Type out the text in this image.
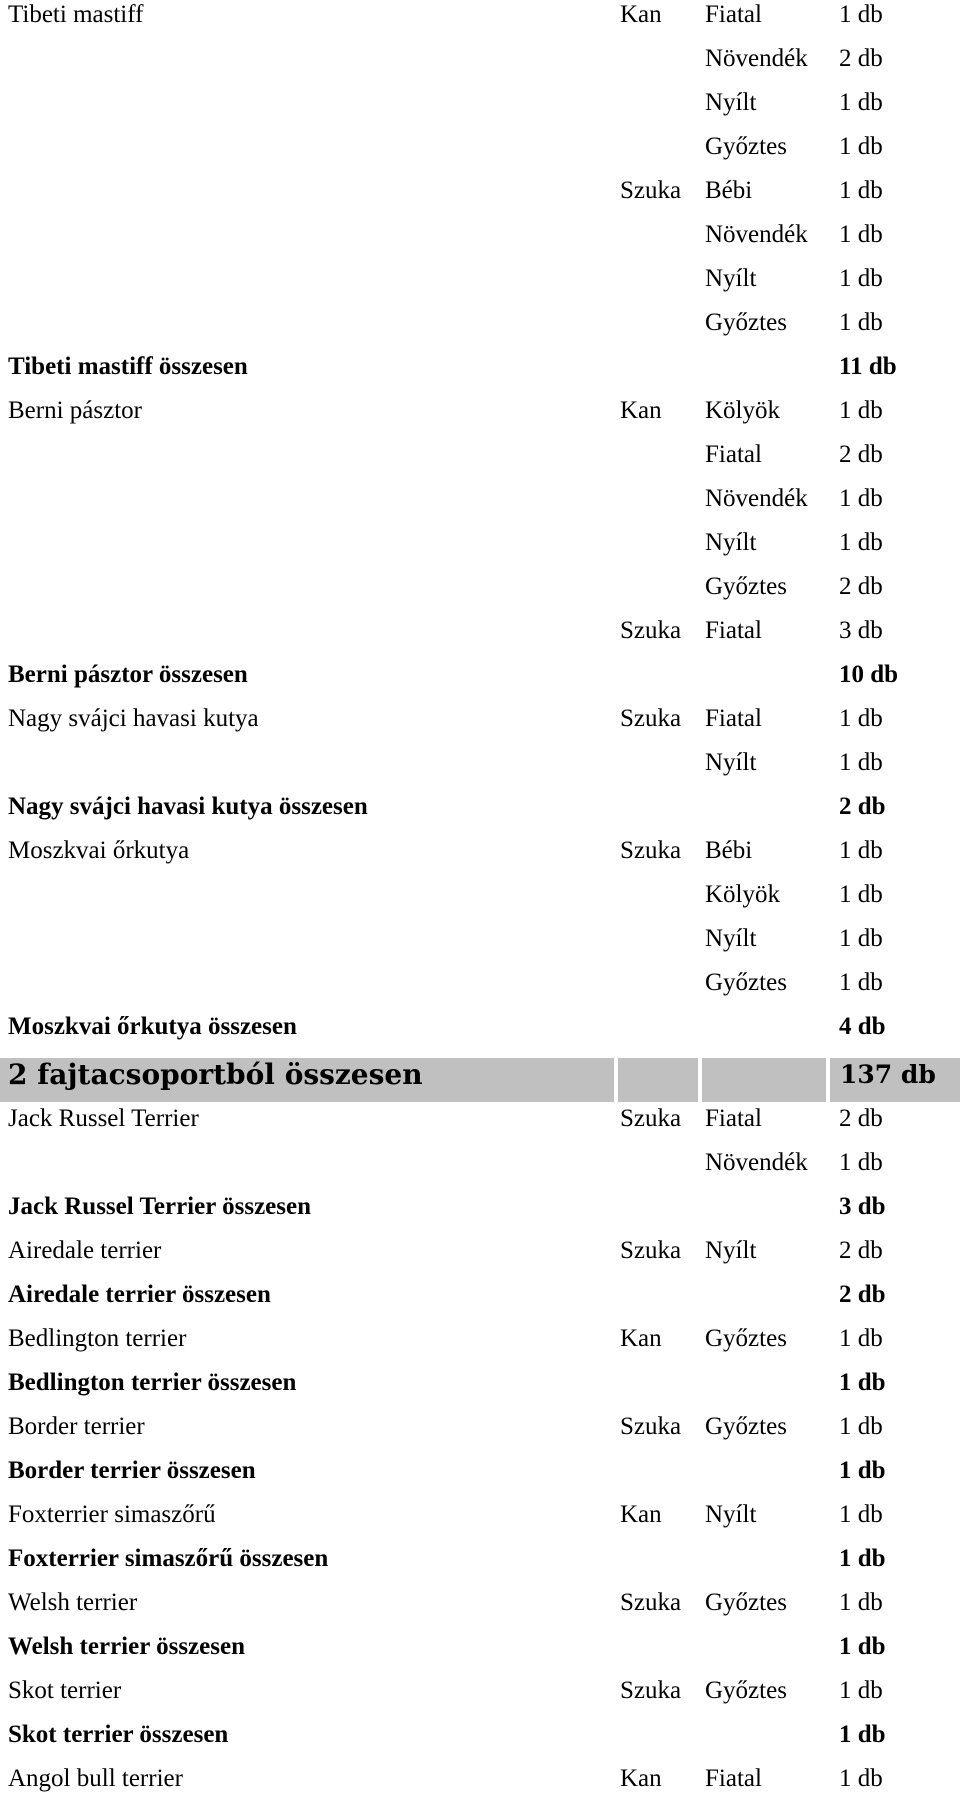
Tibeti mastiff	Kan Fiatal	1 db
Növendék 2 db
Nyílt	1 db
Győztes 1 db
Szuka Bébi	1 db
Növendék 1 db
Nyílt	1 db
Győztes 1 db
Tibeti mastiff összesen	11 db
Berni pásztor	Kan Kölyök 1 db
Fiatal	2 db
Növendék 1 db
Nyílt	1 db
Győztes 2 db
Szuka Fiatal	3 db
Berni pásztor összesen	10 db
Nagy svájci havasi kutya	Szuka Fiatal	1 db
Nyílt	1 db
Nagy svájci havasi kutya összesen	2 db
Moszkvai őrkutya	Szuka Bébi	1 db
Kölyök 1 db
Nyílt	1 db
Győztes 1 db
Moszkvai őrkutya összesen	4 db
2 fajtacsoportból összesen	137 db
Jack Russel Terrier	Szuka Fiatal	2 db
Növendék 1 db
Jack Russel Terrier összesen	3 db
Airedale terrier	Szuka Nyílt	2 db
Airedale terrier összesen	2 db
Bedlington terrier	Kan Győztes 1 db
Bedlington terrier összesen	1 db
Border terrier	Szuka Győztes 1 db
Border terrier összesen	1 db
Foxterrier simaszőrű	Kan Nyílt	1 db
Foxterrier simaszőrű összesen	1 db
Welsh terrier	Szuka Győztes 1 db
Welsh terrier összesen	1 db
Skot terrier	Szuka Győztes 1 db
Skot terrier összesen	1 db
Angol bull terrier	Kan Fiatal	1 db
